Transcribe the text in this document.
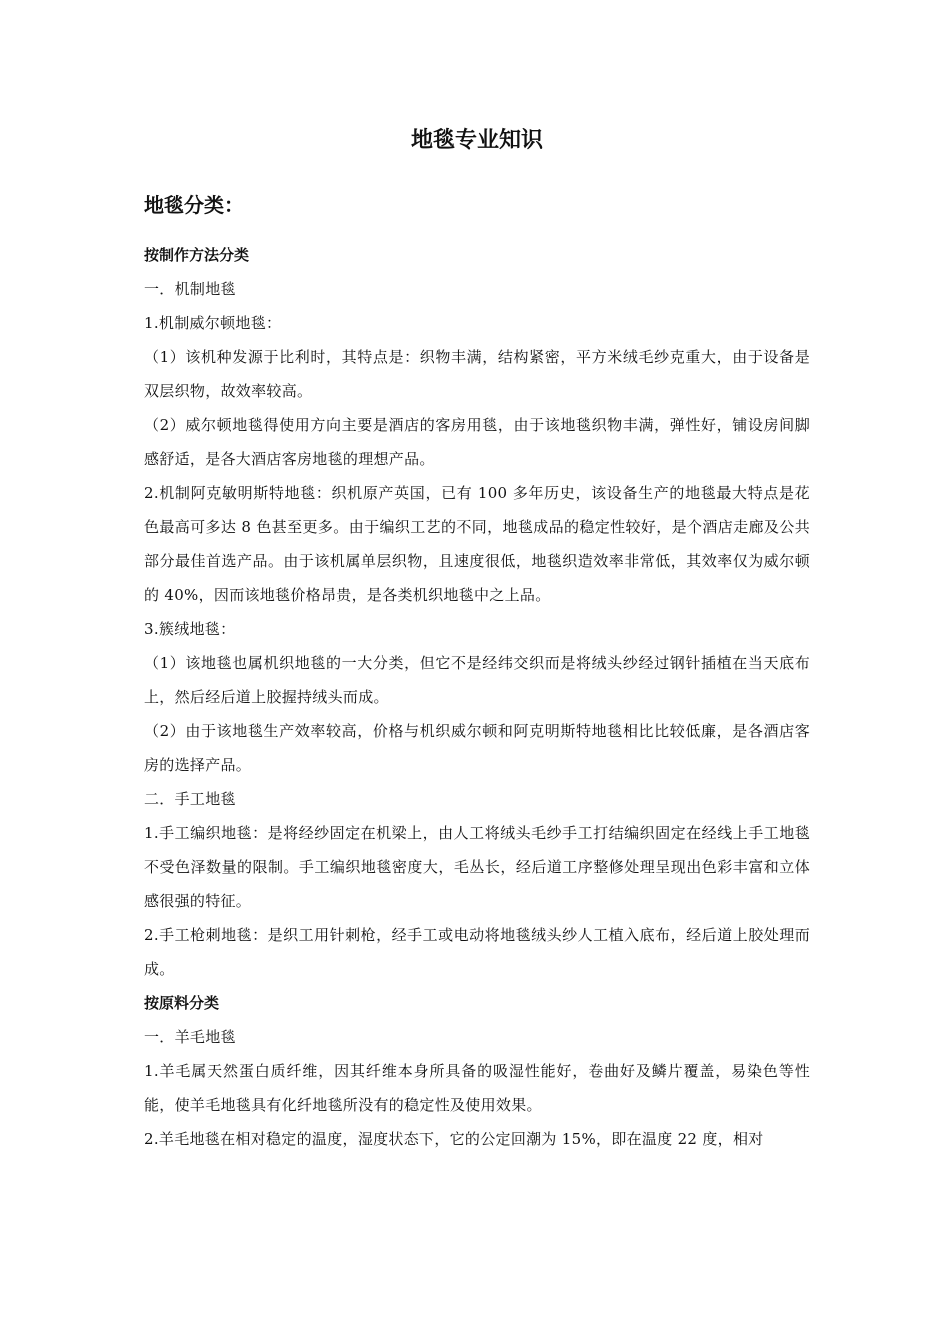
地毯专业知识
地毯分类：
按制作方法分类
一．机制地毯
1.机制威尔顿地毯：
（1）该机种发源于比利时，其特点是：织物丰满，结构紧密，平方米绒毛纱克重大，由于设备是双层织物，故效率较高。
（2）威尔顿地毯得使用方向主要是酒店的客房用毯，由于该地毯织物丰满，弹性好，铺设房间脚感舒适，是各大酒店客房地毯的理想产品。
2.机制阿克敏明斯特地毯：织机原产英国，已有 100 多年历史，该设备生产的地毯最大特点是花色最高可多达 8 色甚至更多。由于编织工艺的不同，地毯成品的稳定性较好，是个酒店走廊及公共部分最佳首选产品。由于该机属单层织物，且速度很低，地毯织造效率非常低，其效率仅为威尔顿的 40%，因而该地毯价格昂贵，是各类机织地毯中之上品。
3.簇绒地毯：
（1）该地毯也属机织地毯的一大分类，但它不是经纬交织而是将绒头纱经过钢针插植在当天底布上，然后经后道上胶握持绒头而成。
（2）由于该地毯生产效率较高，价格与机织威尔顿和阿克明斯特地毯相比比较低廉，是各酒店客房的选择产品。
二．手工地毯
1.手工编织地毯：是将经纱固定在机梁上，由人工将绒头毛纱手工打结编织固定在经线上手工地毯不受色泽数量的限制。手工编织地毯密度大，毛丛长，经后道工序整修处理呈现出色彩丰富和立体感很强的特征。
2.手工枪刺地毯：是织工用针刺枪，经手工或电动将地毯绒头纱人工植入底布，经后道上胶处理而成。
按原料分类
一．羊毛地毯
1.羊毛属天然蛋白质纤维，因其纤维本身所具备的吸湿性能好，卷曲好及鳞片覆盖，易染色等性能，使羊毛地毯具有化纤地毯所没有的稳定性及使用效果。
2.羊毛地毯在相对稳定的温度，湿度状态下，它的公定回潮为 15%，即在温度 22 度，相对
